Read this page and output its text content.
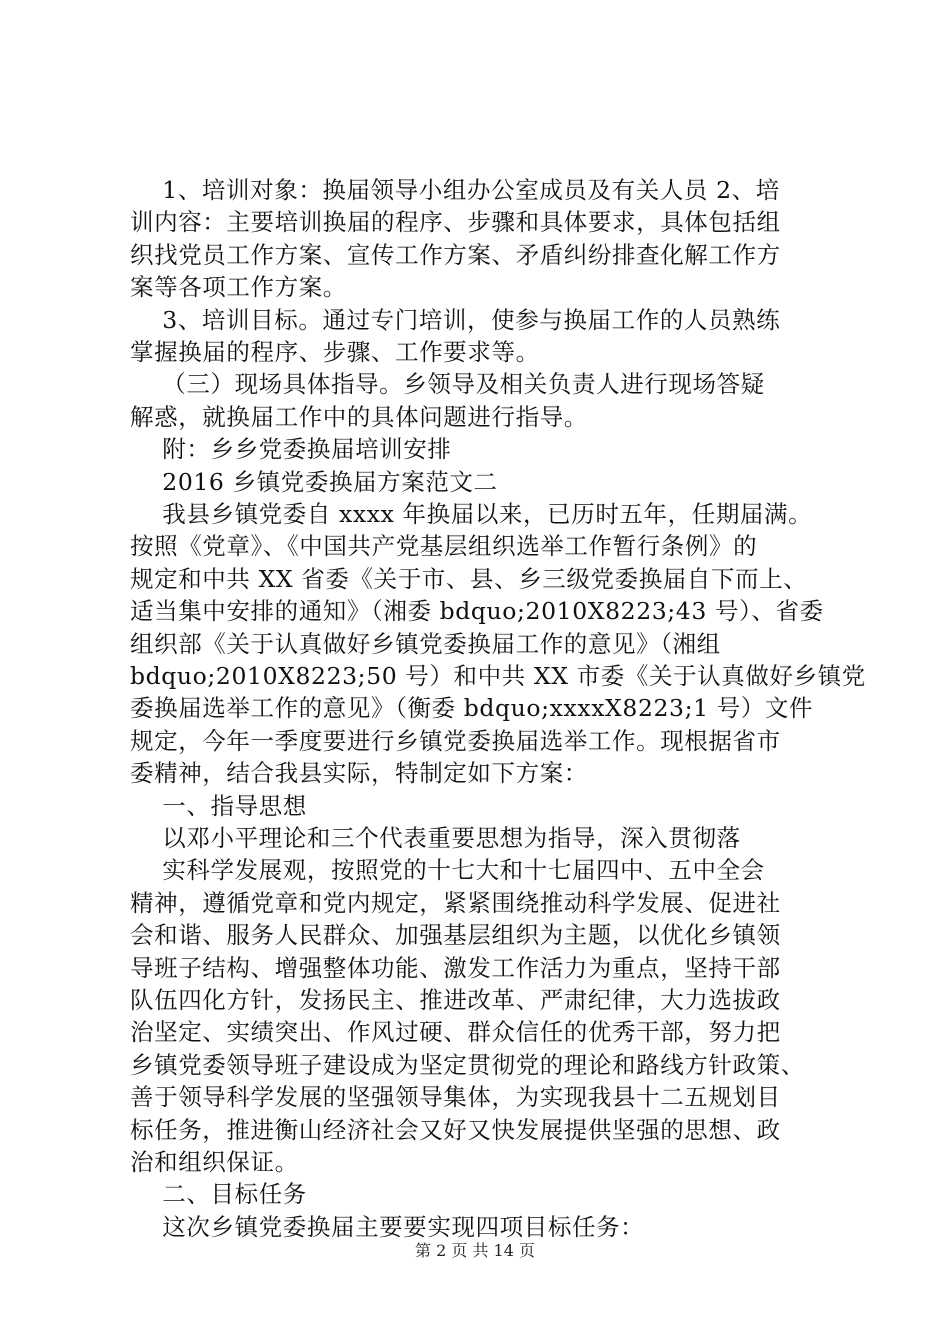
1、培训对象：换届领导小组办公室成员及有关人员 2、培
训内容：主要培训换届的程序、步骤和具体要求，具体包括组
织找党员工作方案、宣传工作方案、矛盾纠纷排查化解工作方
案等各项工作方案。
3、培训目标。通过专门培训，使参与换届工作的人员熟练
掌握换届的程序、步骤、工作要求等。
（三）现场具体指导。乡领导及相关负责人进行现场答疑
解惑，就换届工作中的具体问题进行指导。
附：乡乡党委换届培训安排
2016 乡镇党委换届方案范文二
我县乡镇党委自 xxxx 年换届以来，已历时五年，任期届满。
按照《党章》、《中国共产党基层组织选举工作暂行条例》的
规定和中共 XX 省委《关于市、县、乡三级党委换届自下而上、
适当集中安排的通知》（湘委 bdquo;2010X8223;43 号）、省委
组织部《关于认真做好乡镇党委换届工作的意见》（湘组
bdquo;2010X8223;50 号）和中共 XX 市委《关于认真做好乡镇党
委换届选举工作的意见》（衡委 bdquo;xxxxX8223;1 号）文件
规定，今年一季度要进行乡镇党委换届选举工作。现根据省市
委精神，结合我县实际，特制定如下方案：
一、指导思想
以邓小平理论和三个代表重要思想为指导，深入贯彻落
实科学发展观，按照党的十七大和十七届四中、五中全会
精神，遵循党章和党内规定，紧紧围绕推动科学发展、促进社
会和谐、服务人民群众、加强基层组织为主题，以优化乡镇领
导班子结构、增强整体功能、激发工作活力为重点，坚持干部
队伍四化方针，发扬民主、推进改革、严肃纪律，大力选拔政
治坚定、实绩突出、作风过硬、群众信任的优秀干部，努力把
乡镇党委领导班子建设成为坚定贯彻党的理论和路线方针政策、
善于领导科学发展的坚强领导集体，为实现我县十二五规划目
标任务，推进衡山经济社会又好又快发展提供坚强的思想、政
治和组织保证。
二、目标任务
这次乡镇党委换届主要要实现四项目标任务：
第 2 页 共 14 页
